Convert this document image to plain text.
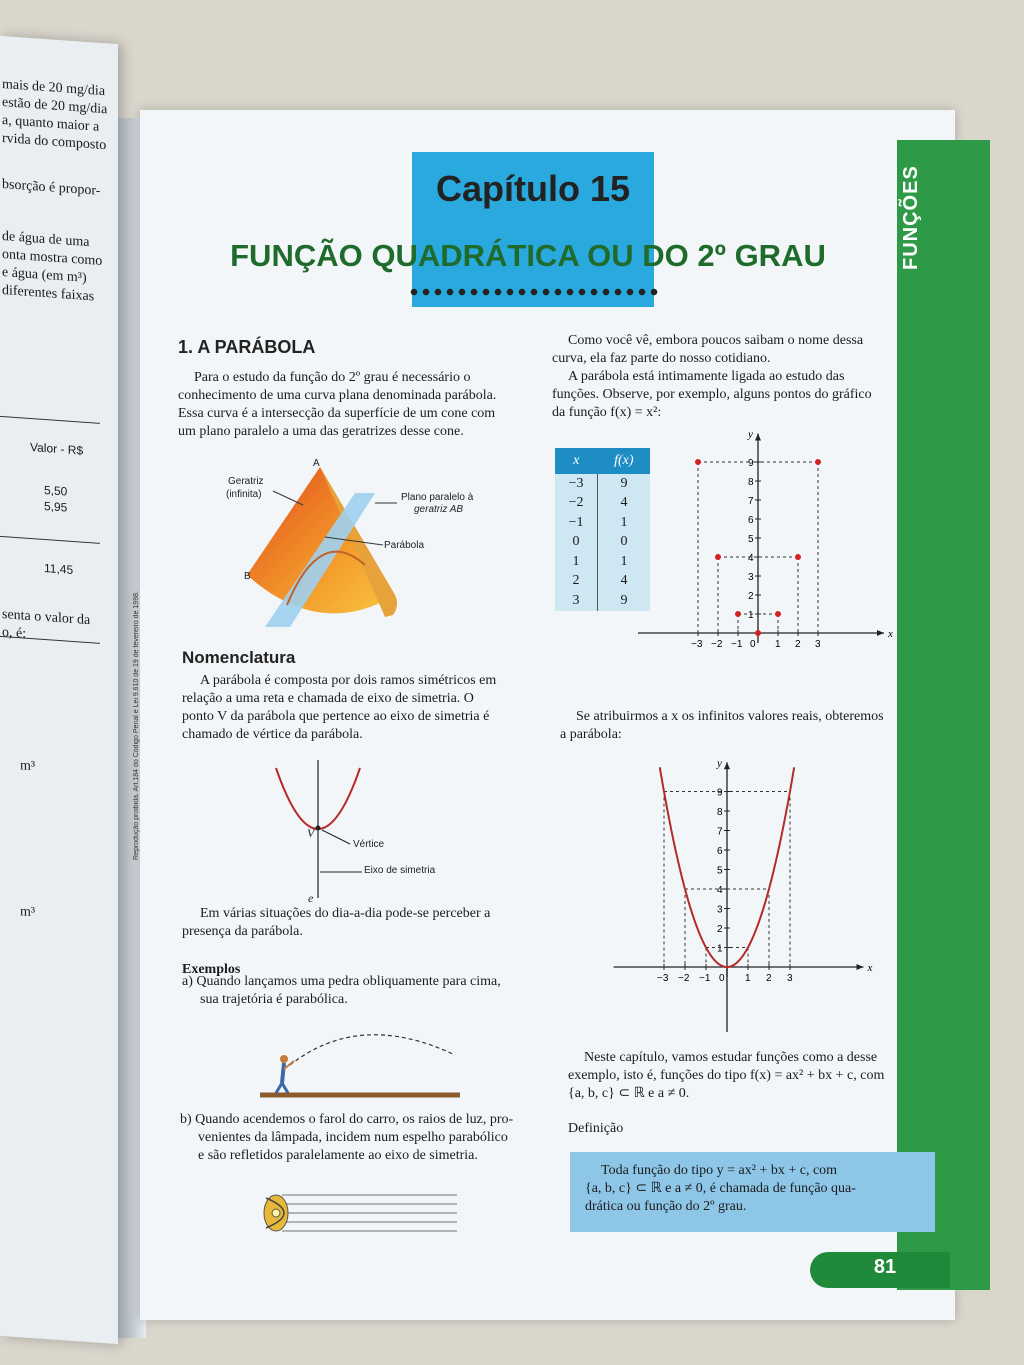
mais de 20 mg/dia
estão de 20 mg/dia
a, quanto maior a
rvida do composto
bsorção é propor-
de água de uma
onta mostra como
e água (em m³)
diferentes faixas
Valor - R$
5,50
5,95
11,45
senta o valor da
o, é:
m³
m³
FUNÇÕES
Reprodução proibida. Art.184 do Código Penal e Lei 9.610 de 19 de fevereiro de 1998.
Capítulo 15
FUNÇÃO QUADRÁTICA OU DO 2º GRAU
1. A PARÁBOLA
Para o estudo da função do 2º grau é necessário o
conhecimento de uma curva plana denominada parábola.
Essa curva é a intersecção da superfície de um cone com
um plano paralelo a uma das geratrizes desse cone.
A
B
Geratriz
(infinita)	Plano paralelo à
geratriz AB
Parábola
Nomenclatura
A parábola é composta por dois ramos simétricos em
relação a uma reta e chamada de eixo de simetria. O
ponto V da parábola que pertence ao eixo de simetria é
chamado de vértice da parábola.
V
Vértice
Eixo de simetria
e
Em várias situações do dia-a-dia pode-se perceber a
presença da parábola.
Exemplos
a) Quando lançamos uma pedra obliquamente para cima,
sua trajetória é parabólica.
b) Quando acendemos o farol do carro, os raios de luz, pro-
venientes da lâmpada, incidem num espelho parabólico
e são refletidos paralelamente ao eixo de simetria.
Como você vê, embora poucos saibam o nome dessa
curva, ela faz parte do nosso cotidiano.
A parábola está intimamente ligada ao estudo das
funções. Observe, por exemplo, alguns pontos do gráfico
da função f(x) = x²:
x	f(x)
−3	9
−2	4
−1	1
0	0
1	1
2	4
3	9
x
y
−3 −2 −1 0 1 2 3
1
2
3
4
5
6
7
8
9
Se atribuirmos a x os infinitos valores reais, obteremos
a parábola:
x
y
−3 −2 −1 0 1 2 3
1
2
3
4
5
6
7
8
9
Neste capítulo, vamos estudar funções como a desse
exemplo, isto é, funções do tipo f(x) = ax² + bx + c, com
{a, b, c} ⊂ ℝ e a ≠ 0.
Definição
Toda função do tipo y = ax² + bx + c, com
{a, b, c} ⊂ ℝ e a ≠ 0, é chamada de função qua-
drática ou função do 2º grau.
81
